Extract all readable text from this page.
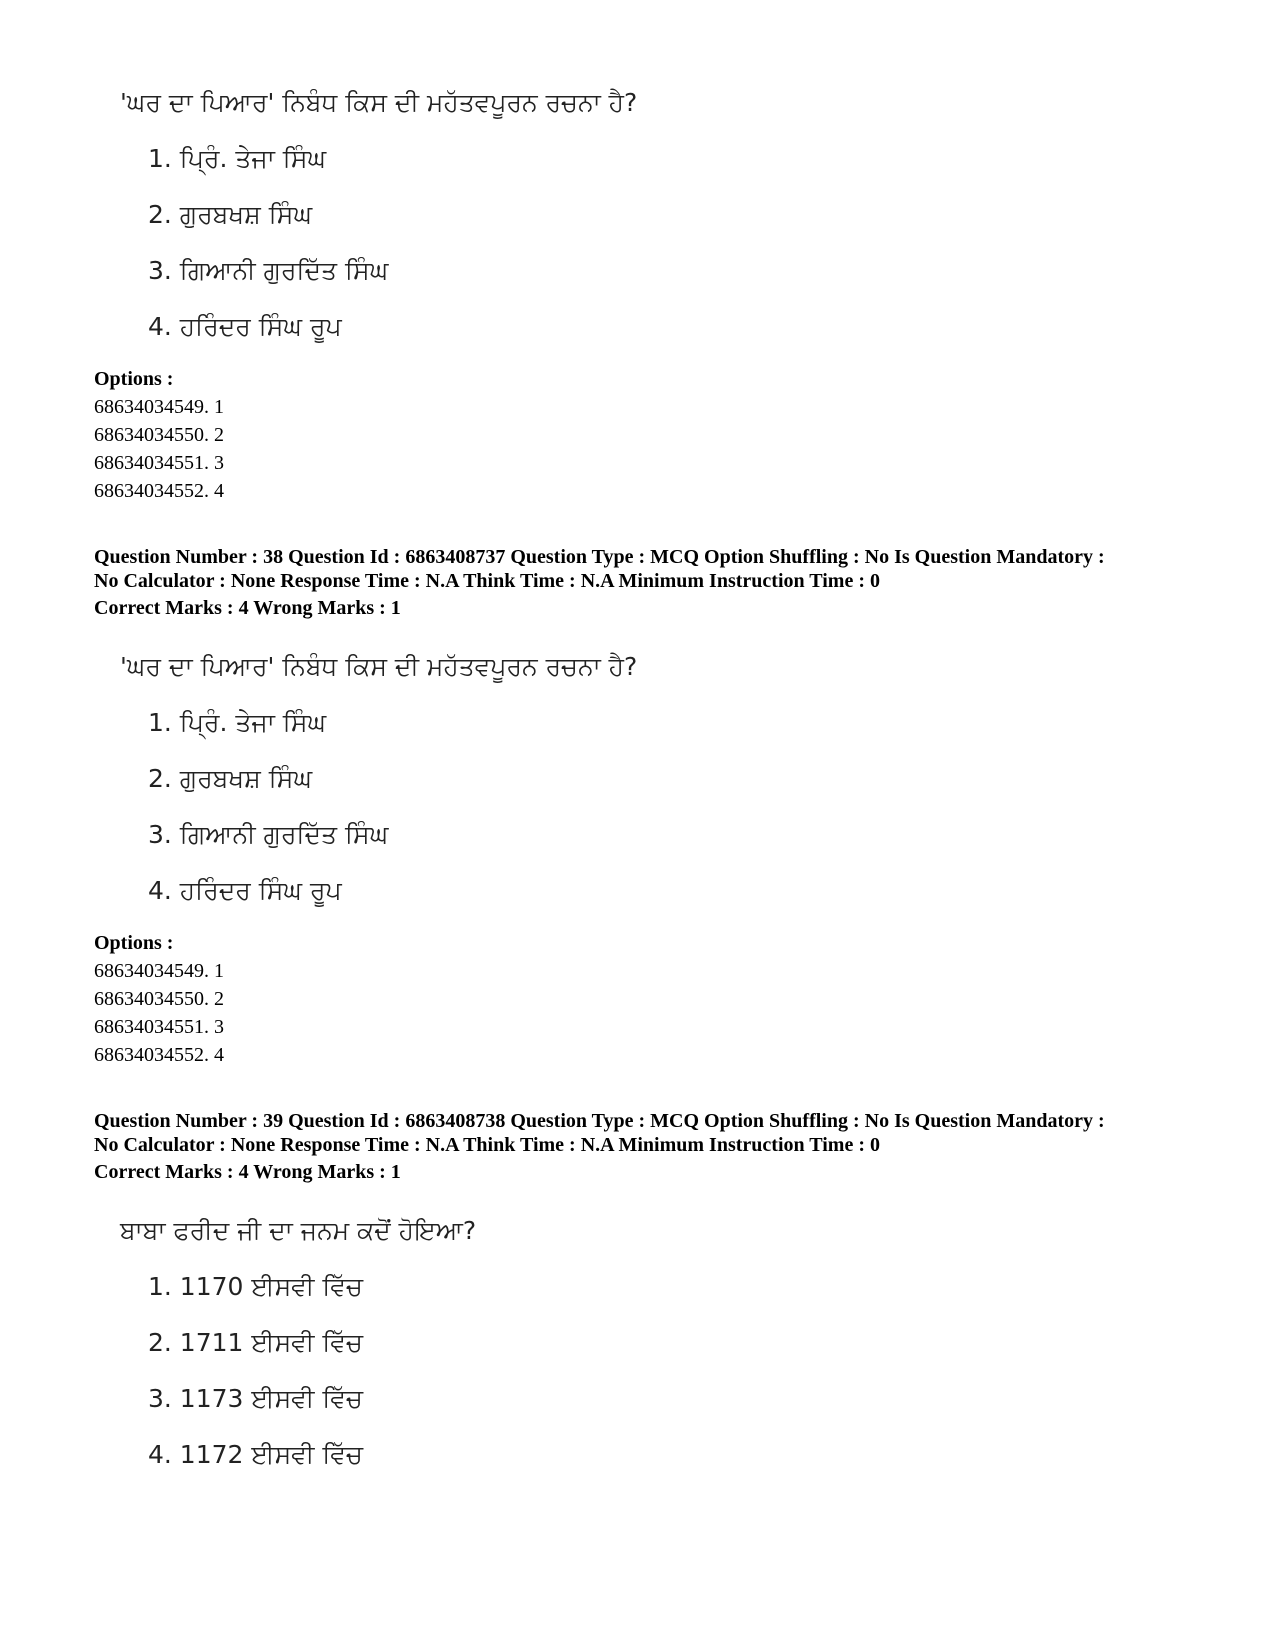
'ਘਰ ਦਾ ਪਿਆਰ' ਨਿਬੰਧ ਕਿਸ ਦੀ ਮਹੱਤਵਪੂਰਨ ਰਚਨਾ ਹੈ?
1. ਪ੍ਰਿੰ. ਤੇਜਾ ਸਿੰਘ
2. ਗੁਰਬਖਸ਼ ਸਿੰਘ
3. ਗਿਆਨੀ ਗੁਰਦਿੱਤ ਸਿੰਘ
4. ਹਰਿੰਦਰ ਸਿੰਘ ਰੂਪ
Options :
68634034549. 1
68634034550. 2
68634034551. 3
68634034552. 4
Question Number : 38 Question Id : 6863408737 Question Type : MCQ Option Shuffling : No Is Question Mandatory :
No Calculator : None Response Time : N.A Think Time : N.A Minimum Instruction Time : 0
Correct Marks : 4 Wrong Marks : 1
'ਘਰ ਦਾ ਪਿਆਰ' ਨਿਬੰਧ ਕਿਸ ਦੀ ਮਹੱਤਵਪੂਰਨ ਰਚਨਾ ਹੈ?
1. ਪ੍ਰਿੰ. ਤੇਜਾ ਸਿੰਘ
2. ਗੁਰਬਖਸ਼ ਸਿੰਘ
3. ਗਿਆਨੀ ਗੁਰਦਿੱਤ ਸਿੰਘ
4. ਹਰਿੰਦਰ ਸਿੰਘ ਰੂਪ
Options :
68634034549. 1
68634034550. 2
68634034551. 3
68634034552. 4
Question Number : 39 Question Id : 6863408738 Question Type : MCQ Option Shuffling : No Is Question Mandatory :
No Calculator : None Response Time : N.A Think Time : N.A Minimum Instruction Time : 0
Correct Marks : 4 Wrong Marks : 1
ਬਾਬਾ ਫਰੀਦ ਜੀ ਦਾ ਜਨਮ ਕਦੋਂ ਹੋਇਆ?
1. 1170 ਈਸਵੀ ਵਿੱਚ
2. 1711 ਈਸਵੀ ਵਿੱਚ
3. 1173 ਈਸਵੀ ਵਿੱਚ
4. 1172 ਈਸਵੀ ਵਿੱਚ
